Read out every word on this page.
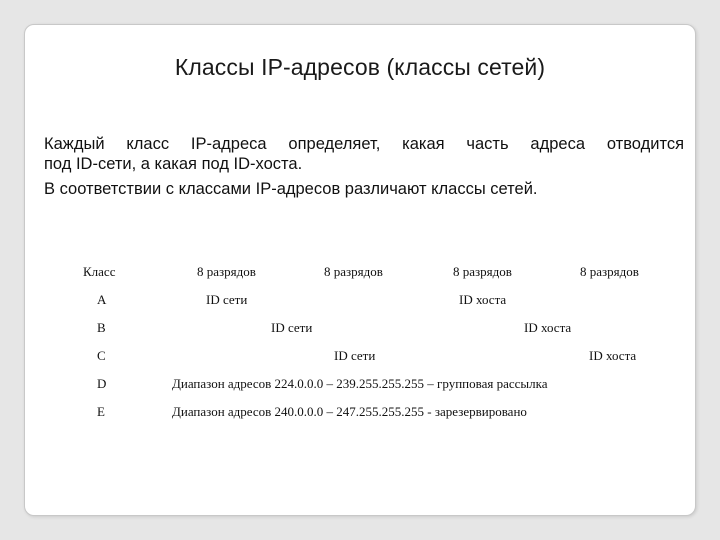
Классы IP-адресов (классы сетей)

Каждый класс IP-адреса определяет, какая часть адреса отводится

под ID-сети, а какая под ID-хоста.

В соответствии с классами IP-адресов различают классы сетей.

Класс	8 разрядов	8 разрядов	8 разрядов	8 разрядов
A	ID сети	ID хоста
B	ID сети	ID хоста
C	ID сети	ID хоста
D	Диапазон адресов 224.0.0.0 – 239.255.255.255 – групповая рассылка
E	Диапазон адресов 240.0.0.0 – 247.255.255.255 - зарезервировано
